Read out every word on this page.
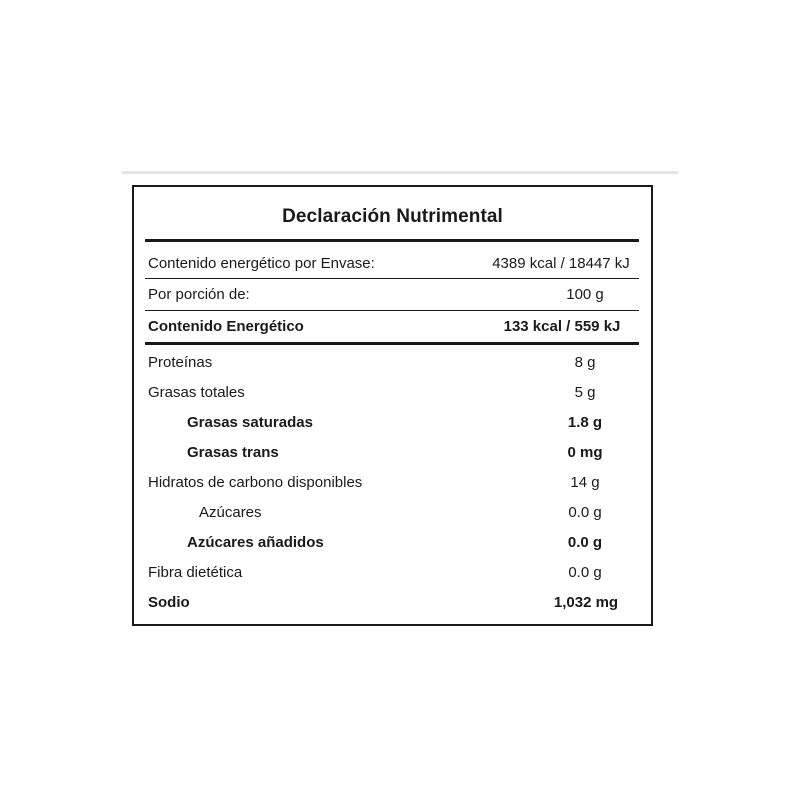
Declaración Nutrimental
Contenido energético por Envase:	4389 kcal / 18447 kJ
Por porción de:	100 g
Contenido Energético	133 kcal / 559 kJ
Proteínas	8 g
Grasas totales	5 g
Grasas saturadas	1.8 g
Grasas trans	0 mg
Hidratos de carbono disponibles	14 g
Azúcares	0.0 g
Azúcares añadidos	0.0 g
Fibra dietética	0.0 g
Sodio	1,032 mg
